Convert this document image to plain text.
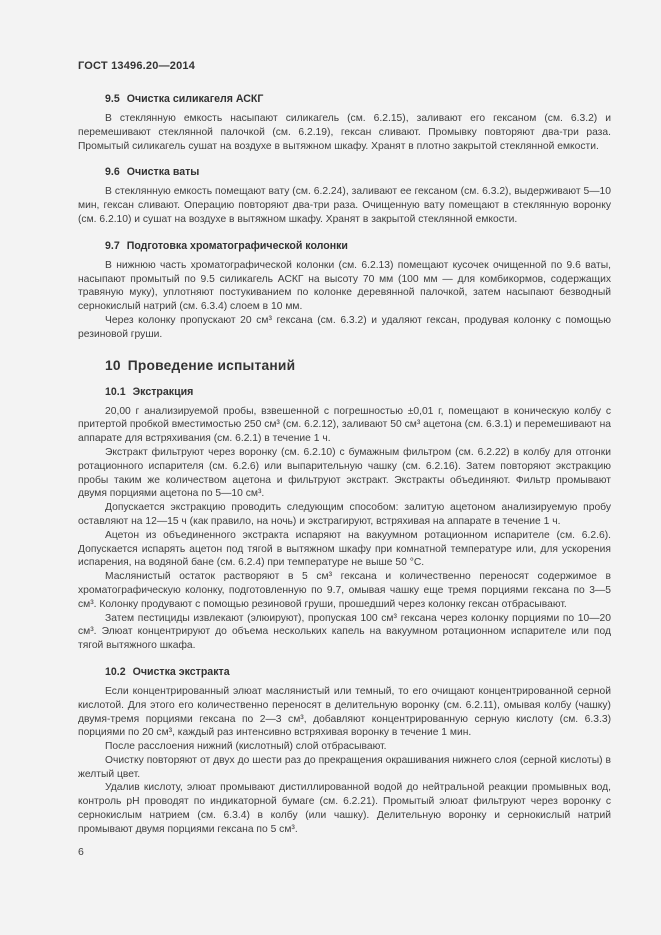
ГОСТ 13496.20—2014
9.5 Очистка силикагеля АСКГ

В стеклянную емкость насыпают силикагель (см. 6.2.15), заливают его гексаном (см. 6.3.2) и перемешивают стеклянной палочкой (см. 6.2.19), гексан сливают. Промывку повторяют два-три раза. Промытый силикагель сушат на воздухе в вытяжном шкафу. Хранят в плотно закрытой стеклянной емкости.

9.6 Очистка ваты

В стеклянную емкость помещают вату (см. 6.2.24), заливают ее гексаном (см. 6.3.2), выдерживают 5—10 мин, гексан сливают. Операцию повторяют два-три раза. Очищенную вату помещают в стеклянную воронку (см. 6.2.10) и сушат на воздухе в вытяжном шкафу. Хранят в закрытой стеклянной емкости.

9.7 Подготовка хроматографической колонки

В нижнюю часть хроматографической колонки (см. 6.2.13) помещают кусочек очищенной по 9.6 ваты, насыпают промытый по 9.5 силикагель АСКГ на высоту 70 мм (100 мм — для комбикормов, содержащих травяную муку), уплотняют постукиванием по колонке деревянной палочкой, затем насыпают безводный сернокислый натрий (см. 6.3.4) слоем в 10 мм.

Через колонку пропускают 20 см³ гексана (см. 6.3.2) и удаляют гексан, продувая колонку с помощью резиновой груши.

10 Проведение испытаний
10.1 Экстракция

20,00 г анализируемой пробы, взвешенной с погрешностью ±0,01 г, помещают в коническую колбу с притертой пробкой вместимостью 250 см³ (см. 6.2.12), заливают 50 см³ ацетона (см. 6.3.1) и перемешивают на аппарате для встряхивания (см. 6.2.1) в течение 1 ч.

Экстракт фильтруют через воронку (см. 6.2.10) с бумажным фильтром (см. 6.2.22) в колбу для отгонки ротационного испарителя (см. 6.2.6) или выпарительную чашку (см. 6.2.16). Затем повторяют экстракцию пробы таким же количеством ацетона и фильтруют экстракт. Экстракты объединяют. Фильтр промывают двумя порциями ацетона по 5—10 см³.

Допускается экстракцию проводить следующим способом: залитую ацетоном анализируемую пробу оставляют на 12—15 ч (как правило, на ночь) и экстрагируют, встряхивая на аппарате в течение 1 ч.

Ацетон из объединенного экстракта испаряют на вакуумном ротационном испарителе (см. 6.2.6). Допускается испарять ацетон под тягой в вытяжном шкафу при комнатной температуре или, для ускорения испарения, на водяной бане (см. 6.2.4) при температуре не выше 50 °C.

Маслянистый остаток растворяют в 5 см³ гексана и количественно переносят содержимое в хроматографическую колонку, подготовленную по 9.7, омывая чашку еще тремя порциями гексана по 3—5 см³. Колонку продувают с помощью резиновой груши, прошедший через колонку гексан отбрасывают.

Затем пестициды извлекают (элюируют), пропуская 100 см³ гексана через колонку порциями по 10—20 см³. Элюат концентрируют до объема нескольких капель на вакуумном ротационном испарителе или под тягой вытяжного шкафа.

10.2 Очистка экстракта

Если концентрированный элюат маслянистый или темный, то его очищают концентрированной серной кислотой. Для этого его количественно переносят в делительную воронку (см. 6.2.11), омывая колбу (чашку) двумя-тремя порциями гексана по 2—3 см³, добавляют концентрированную серную кислоту (см. 6.3.3) порциями по 20 см³, каждый раз интенсивно встряхивая воронку в течение 1 мин.

После расслоения нижний (кислотный) слой отбрасывают.

Очистку повторяют от двух до шести раз до прекращения окрашивания нижнего слоя (серной кислоты) в желтый цвет.

Удалив кислоту, элюат промывают дистиллированной водой до нейтральной реакции промывных вод, контроль pH проводят по индикаторной бумаге (см. 6.2.21). Промытый элюат фильтруют через воронку с сернокислым натрием (см. 6.3.4) в колбу (или чашку). Делительную воронку и сернокислый натрий промывают двумя порциями гексана по 5 см³.

6
